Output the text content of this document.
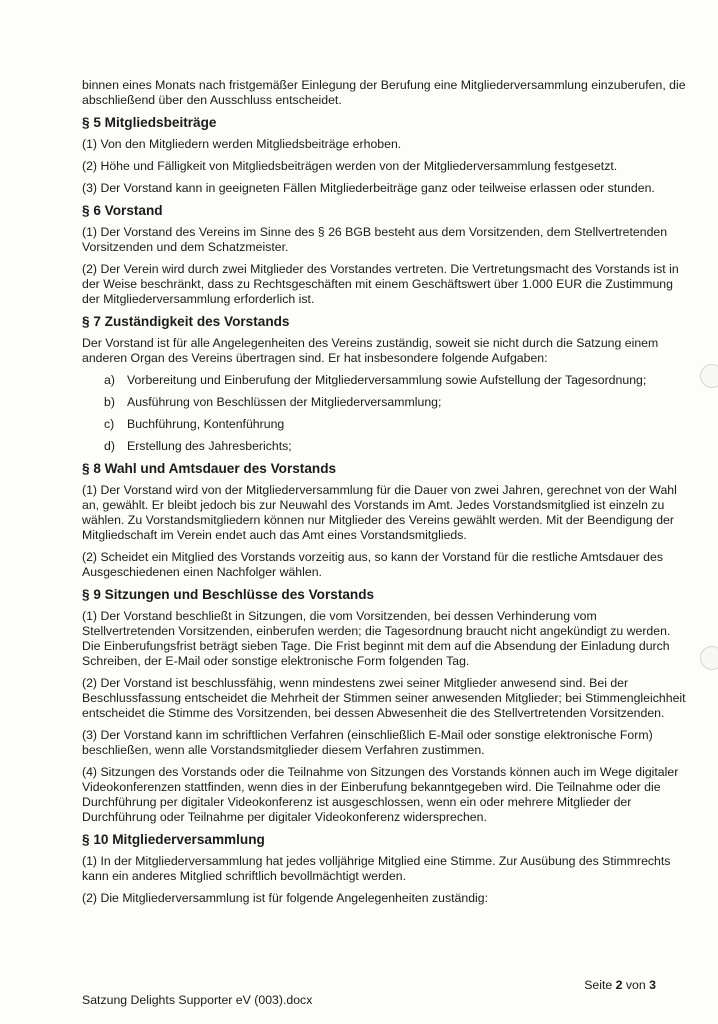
binnen eines Monats nach fristgemäßer Einlegung der Berufung eine Mitgliederversammlung einzuberufen, die abschließend über den Ausschluss entscheidet.

§ 5 Mitgliedsbeiträge

(1) Von den Mitgliedern werden Mitgliedsbeiträge erhoben.

(2) Höhe und Fälligkeit von Mitgliedsbeiträgen werden von der Mitgliederversammlung festgesetzt.

(3) Der Vorstand kann in geeigneten Fällen Mitgliederbeiträge ganz oder teilweise erlassen oder stunden.

§ 6 Vorstand

(1) Der Vorstand des Vereins im Sinne des § 26 BGB besteht aus dem Vorsitzenden, dem Stellvertretenden Vorsitzenden und dem Schatzmeister.

(2) Der Verein wird durch zwei Mitglieder des Vorstandes vertreten. Die Vertretungsmacht des Vorstands ist in der Weise beschränkt, dass zu Rechtsgeschäften mit einem Geschäftswert über 1.000 EUR die Zustimmung der Mitgliederversammlung erforderlich ist.

§ 7 Zuständigkeit des Vorstands

Der Vorstand ist für alle Angelegenheiten des Vereins zuständig, soweit sie nicht durch die Satzung einem anderen Organ des Vereins übertragen sind. Er hat insbesondere folgende Aufgaben:

a) Vorbereitung und Einberufung der Mitgliederversammlung sowie Aufstellung der Tagesordnung;
b) Ausführung von Beschlüssen der Mitgliederversammlung;
c) Buchführung, Kontenführung
d) Erstellung des Jahresberichts;
§ 8 Wahl und Amtsdauer des Vorstands

(1) Der Vorstand wird von der Mitgliederversammlung für die Dauer von zwei Jahren, gerechnet von der Wahl an, gewählt. Er bleibt jedoch bis zur Neuwahl des Vorstands im Amt. Jedes Vorstandsmitglied ist einzeln zu wählen. Zu Vorstandsmitgliedern können nur Mitglieder des Vereins gewählt werden. Mit der Beendigung der Mitgliedschaft im Verein endet auch das Amt eines Vorstandsmitglieds.

(2) Scheidet ein Mitglied des Vorstands vorzeitig aus, so kann der Vorstand für die restliche Amtsdauer des Ausgeschiedenen einen Nachfolger wählen.

§ 9 Sitzungen und Beschlüsse des Vorstands

(1) Der Vorstand beschließt in Sitzungen, die vom Vorsitzenden, bei dessen Verhinderung vom Stellvertretenden Vorsitzenden, einberufen werden; die Tagesordnung braucht nicht angekündigt zu werden. Die Einberufungsfrist beträgt sieben Tage. Die Frist beginnt mit dem auf die Absendung der Einladung durch Schreiben, der E-Mail oder sonstige elektronische Form folgenden Tag.

(2) Der Vorstand ist beschlussfähig, wenn mindestens zwei seiner Mitglieder anwesend sind. Bei der Beschlussfassung entscheidet die Mehrheit der Stimmen seiner anwesenden Mitglieder; bei Stimmengleichheit entscheidet die Stimme des Vorsitzenden, bei dessen Abwesenheit die des Stellvertretenden Vorsitzenden.

(3) Der Vorstand kann im schriftlichen Verfahren (einschließlich E-Mail oder sonstige elektronische Form) beschließen, wenn alle Vorstandsmitglieder diesem Verfahren zustimmen.

(4) Sitzungen des Vorstands oder die Teilnahme von Sitzungen des Vorstands können auch im Wege digitaler Videokonferenzen stattfinden, wenn dies in der Einberufung bekanntgegeben wird. Die Teilnahme oder die Durchführung per digitaler Videokonferenz ist ausgeschlossen, wenn ein oder mehrere Mitglieder der Durchführung oder Teilnahme per digitaler Videokonferenz widersprechen.

§ 10 Mitgliederversammlung

(1) In der Mitgliederversammlung hat jedes volljährige Mitglied eine Stimme. Zur Ausübung des Stimmrechts kann ein anderes Mitglied schriftlich bevollmächtigt werden.

(2) Die Mitgliederversammlung ist für folgende Angelegenheiten zuständig:

Seite 2 von 3
Satzung Delights Supporter eV (003).docx
